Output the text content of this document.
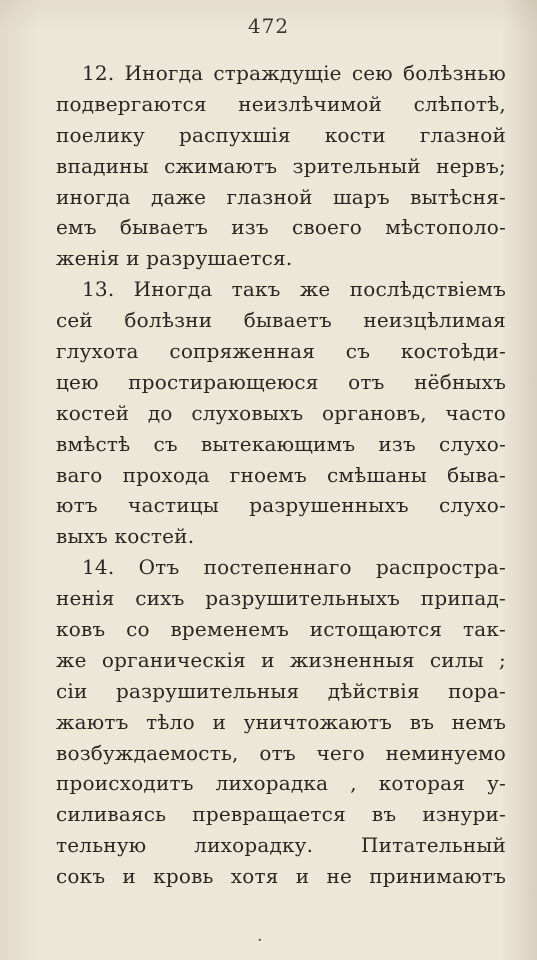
472
12. Иногда страждущіе сею болѣзнью
подвергаются неизлѣчимой слѣпотѣ,
поелику распухшія кости глазной
впадины сжимаютъ зрительный нервъ;
иногда даже глазной шаръ вытѣсня-
емъ бываетъ изъ своего мѣстополо-
женія и разрушается.
13. Иногда такъ же послѣдствіемъ
сей болѣзни бываетъ неизцѣлимая
глухота сопряженная съ костоѣди-
цею простирающеюся отъ нёбныхъ
костей до слуховыхъ органовъ, часто
вмѣстѣ съ вытекающимъ изъ слухо-
ваго прохода гноемъ смѣшаны быва-
ютъ частицы разрушенныхъ слухо-
выхъ костей.
14. Отъ постепеннаго распростра-
ненія сихъ разрушительныхъ припад-
ковъ со временемъ истощаются так-
же органическія и жизненныя силы ;
сіи разрушительныя дѣйствія пора-
жаютъ тѣло и уничтожаютъ въ немъ
возбуждаемость, отъ чего неминуемо
происходитъ лихорадка , которая у-
силиваясь превращается въ изнури-
тельную лихорадку. Питательный
сокъ и кровь хотя и не принимаютъ
·
